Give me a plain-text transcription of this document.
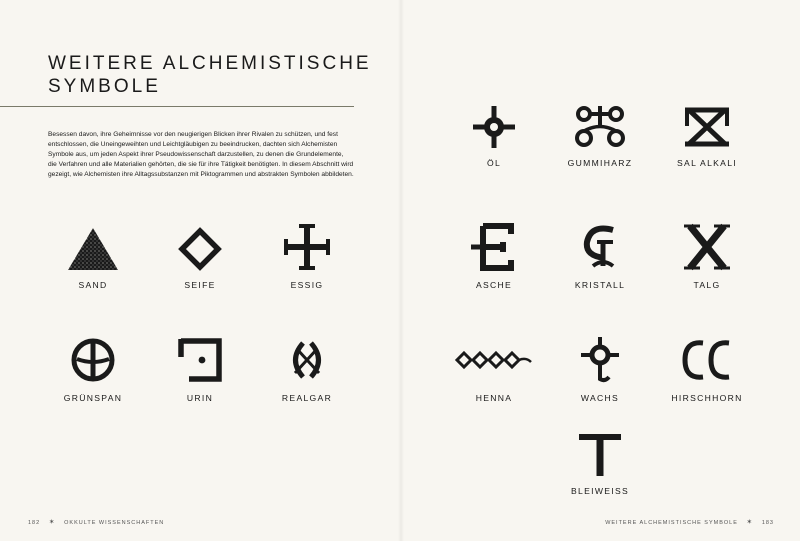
WEITERE ALCHEMISTISCHE
SYMBOLE

Besessen davon, ihre Geheimnisse vor den neugierigen Blicken ihrer Rivalen zu schützen, und fest entschlossen, die Uneingeweihten und Leichtgläubigen zu beeindrucken, dachten sich Alchemisten Symbole aus, um jeden Aspekt ihrer Pseudowissenschaft darzustellen, zu denen die Grundelemente, die Verfahren und alle Materialien gehörten, die sie für ihre Tätigkeit benötigten. In diesem Abschnitt wird gezeigt, wie Alchemisten ihre Alltagssubstanzen mit Piktogrammen und abstrakten Symbolen abbildeten.

SAND	SEIFE	ESSIG
GRÜNSPAN	URIN	REALGAR
ÖL	GUMMIHARZ	SAL ALKALI
ASCHE	KRISTALL	TALG
HENNA	WACHS	HIRSCHHORN
BLEIWEISS
182 ✶ OKKULTE WISSENSCHAFTEN	WEITERE ALCHEMISTISCHE SYMBOLE ✶ 183
